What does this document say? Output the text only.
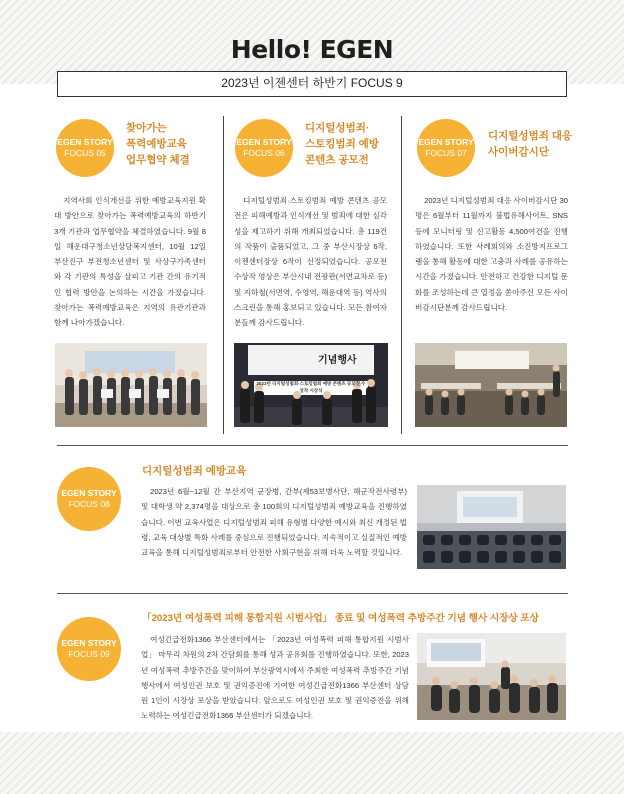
Hello! EGEN
2023년 이젠센터 하반기 FOCUS 9
EGEN STORY
FOCUS 05
찾아가는
폭력예방교육
업무협약 체결

지역사회 인식개선을 위한 예방교육지원 확대 방안으로 찾아가는 폭력예방교육의 하반기 3개 기관과 업무협약을 체결하였습니다. 9월 8일 해운대구청소년상담복지센터, 10월 12일 부산진구 부전청소년센터 및 사상구가족센터와 각 기관의 특성을 살피고 기관 간의 유기적인 협력 방안을 논의하는 시간을 가졌습니다. 찾아가는 폭력예방교육은 지역의 유관기관과 함께 나아가겠습니다.

EGEN STORY
FOCUS 06
디지털성범죄·
스토킹범죄 예방
콘텐츠 공모전

디지털성범죄·스토킹범죄 예방 콘텐츠 공모전은 피해예방과 인식개선 및 범죄에 대한 심각성을 제고하기 위해 개최되었습니다. 총 119건의 작품이 출품되었고, 그 중 부산시장상 6작, 이젠센터장상 6작이 선정되었습니다. 공모전 수상작 영상은 부산시내 전광판(서면교차로 등) 및 지하철(서면역, 수영역, 해운대역 등) 역사의 스크린을 통해 홍보되고 있습니다. 모든 참여자분들께 감사드립니다.

기념행사
2023년 디지털성범죄·스토킹범죄 예방 콘텐츠 공모전 수상작 시상식
EGEN STORY
FOCUS 07
디지털성범죄 대응
사이버감시단

2023년 디지털성범죄 대응 사이버감시단 30명은 6월부터 11월까지 불법유해사이트, SNS 등에 모니터링 및 신고활동 4,500여건을 진행하였습니다. 또한 사례회의와 소진방지프로그램을 통해 활동에 대한 고충과 사례를 공유하는 시간을 가졌습니다. 안전하고 건강한 디지털 문화를 조성하는데 큰 열정을 쏟아주신 모든 사이버감시단분께 감사드립니다.

EGEN STORY
FOCUS 08
디지털성범죄 예방교육

2023년 6월~12월 간 부산지역 군장병, 간부(제53보병사단, 해군작전사령부) 및 대학생 약 2,374명을 대상으로 총 100회의 디지털성범죄 예방교육을 진행하였습니다. 이번 교육사업은 디지털성범죄 피해 유형별 다양한 예시와 최신 개정된 법령, 교육 대상별 특화 사례를 중심으로 진행되었습니다. 지속적이고 실질적인 예방교육을 통해 디지털성범죄로부터 안전한 사회구현을 위해 더욱 노력할 것입니다.

EGEN STORY
FOCUS 09
「2023년 여성폭력 피해 통합지원 시범사업」 종료 및 여성폭력 추방주간 기념 행사 시장상 포상

여성긴급전화1366 부산센터에서는 「2023년 여성폭력 피해 통합지원 시범사업」 마무리 차원의 2차 간담회를 통해 성과 공유회를 진행하였습니다. 또한, 2023년 여성폭력 추방주간을 맞이하여 부산광역시에서 주최한 여성폭력 추방주간 기념행사에서 여성인권 보호 및 권익증진에 기여한 여성긴급전화1366 부산센터 상담원 1인이 시장상 포상을 받았습니다. 앞으로도 여성인권 보호 및 권익증진을 위해 노력하는 여성긴급전화1366 부산센터가 되겠습니다.
